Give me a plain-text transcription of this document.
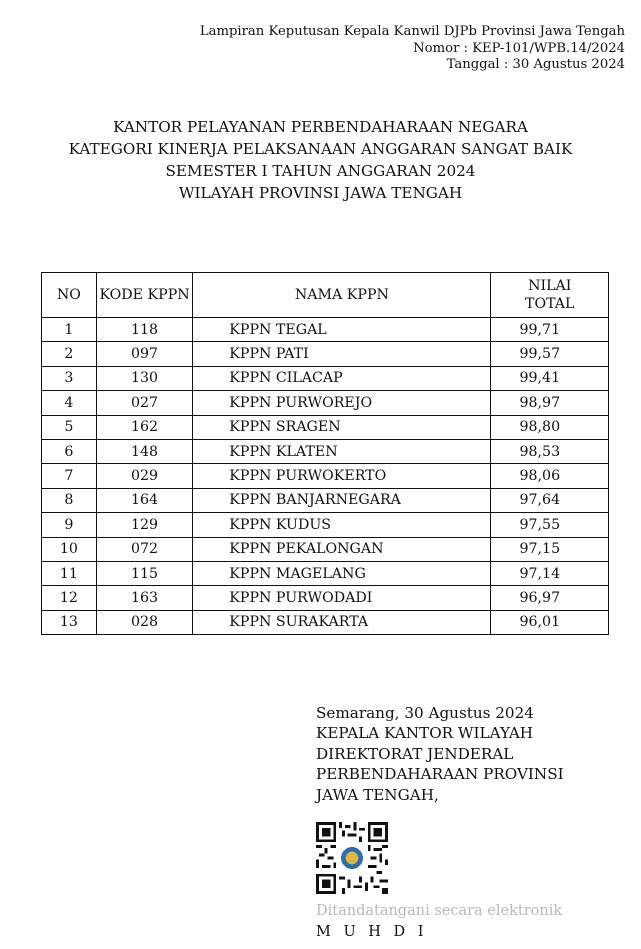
Lampiran Keputusan Kepala Kanwil DJPb Provinsi Jawa Tengah
Nomor : KEP-101/WPB.14/2024
Tanggal : 30 Agustus 2024
KANTOR PELAYANAN PERBENDAHARAAN NEGARA
KATEGORI KINERJA PELAKSANAAN ANGGARAN SANGAT BAIK
SEMESTER I TAHUN ANGGARAN 2024
WILAYAH PROVINSI JAWA TENGAH
NO	KODE KPPN	NAMA KPPN	NILAI
TOTAL

1	118	KPPN TEGAL	99,71
2	097	KPPN PATI	99,57
3	130	KPPN CILACAP	99,41
4	027	KPPN PURWOREJO	98,97
5	162	KPPN SRAGEN	98,80
6	148	KPPN KLATEN	98,53
7	029	KPPN PURWOKERTO	98,06
8	164	KPPN BANJARNEGARA	97,64
9	129	KPPN KUDUS	97,55
10	072	KPPN PEKALONGAN	97,15
11	115	KPPN MAGELANG	97,14
12	163	KPPN PURWODADI	96,97
13	028	KPPN SURAKARTA	96,01
Semarang, 30 Agustus 2024
KEPALA KANTOR WILAYAH
DIREKTORAT JENDERAL
PERBENDAHARAAN PROVINSI
JAWA TENGAH,
Ditandatangani secara elektronik
M U H D I
